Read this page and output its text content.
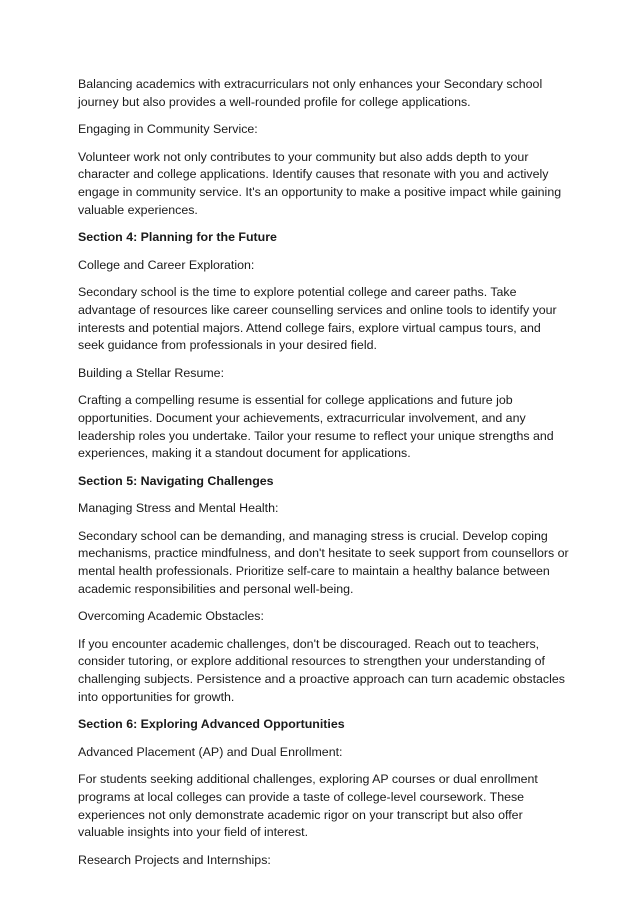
Balancing academics with extracurriculars not only enhances your Secondary school journey but also provides a well-rounded profile for college applications.

Engaging in Community Service:

Volunteer work not only contributes to your community but also adds depth to your character and college applications. Identify causes that resonate with you and actively engage in community service. It's an opportunity to make a positive impact while gaining valuable experiences.

Section 4: Planning for the Future

College and Career Exploration:

Secondary school is the time to explore potential college and career paths. Take advantage of resources like career counselling services and online tools to identify your interests and potential majors. Attend college fairs, explore virtual campus tours, and seek guidance from professionals in your desired field.

Building a Stellar Resume:

Crafting a compelling resume is essential for college applications and future job opportunities. Document your achievements, extracurricular involvement, and any leadership roles you undertake. Tailor your resume to reflect your unique strengths and experiences, making it a standout document for applications.

Section 5: Navigating Challenges

Managing Stress and Mental Health:

Secondary school can be demanding, and managing stress is crucial. Develop coping mechanisms, practice mindfulness, and don't hesitate to seek support from counsellors or mental health professionals. Prioritize self-care to maintain a healthy balance between academic responsibilities and personal well-being.

Overcoming Academic Obstacles:

If you encounter academic challenges, don't be discouraged. Reach out to teachers, consider tutoring, or explore additional resources to strengthen your understanding of challenging subjects. Persistence and a proactive approach can turn academic obstacles into opportunities for growth.

Section 6: Exploring Advanced Opportunities

Advanced Placement (AP) and Dual Enrollment:

For students seeking additional challenges, exploring AP courses or dual enrollment programs at local colleges can provide a taste of college-level coursework. These experiences not only demonstrate academic rigor on your transcript but also offer valuable insights into your field of interest.

Research Projects and Internships:
